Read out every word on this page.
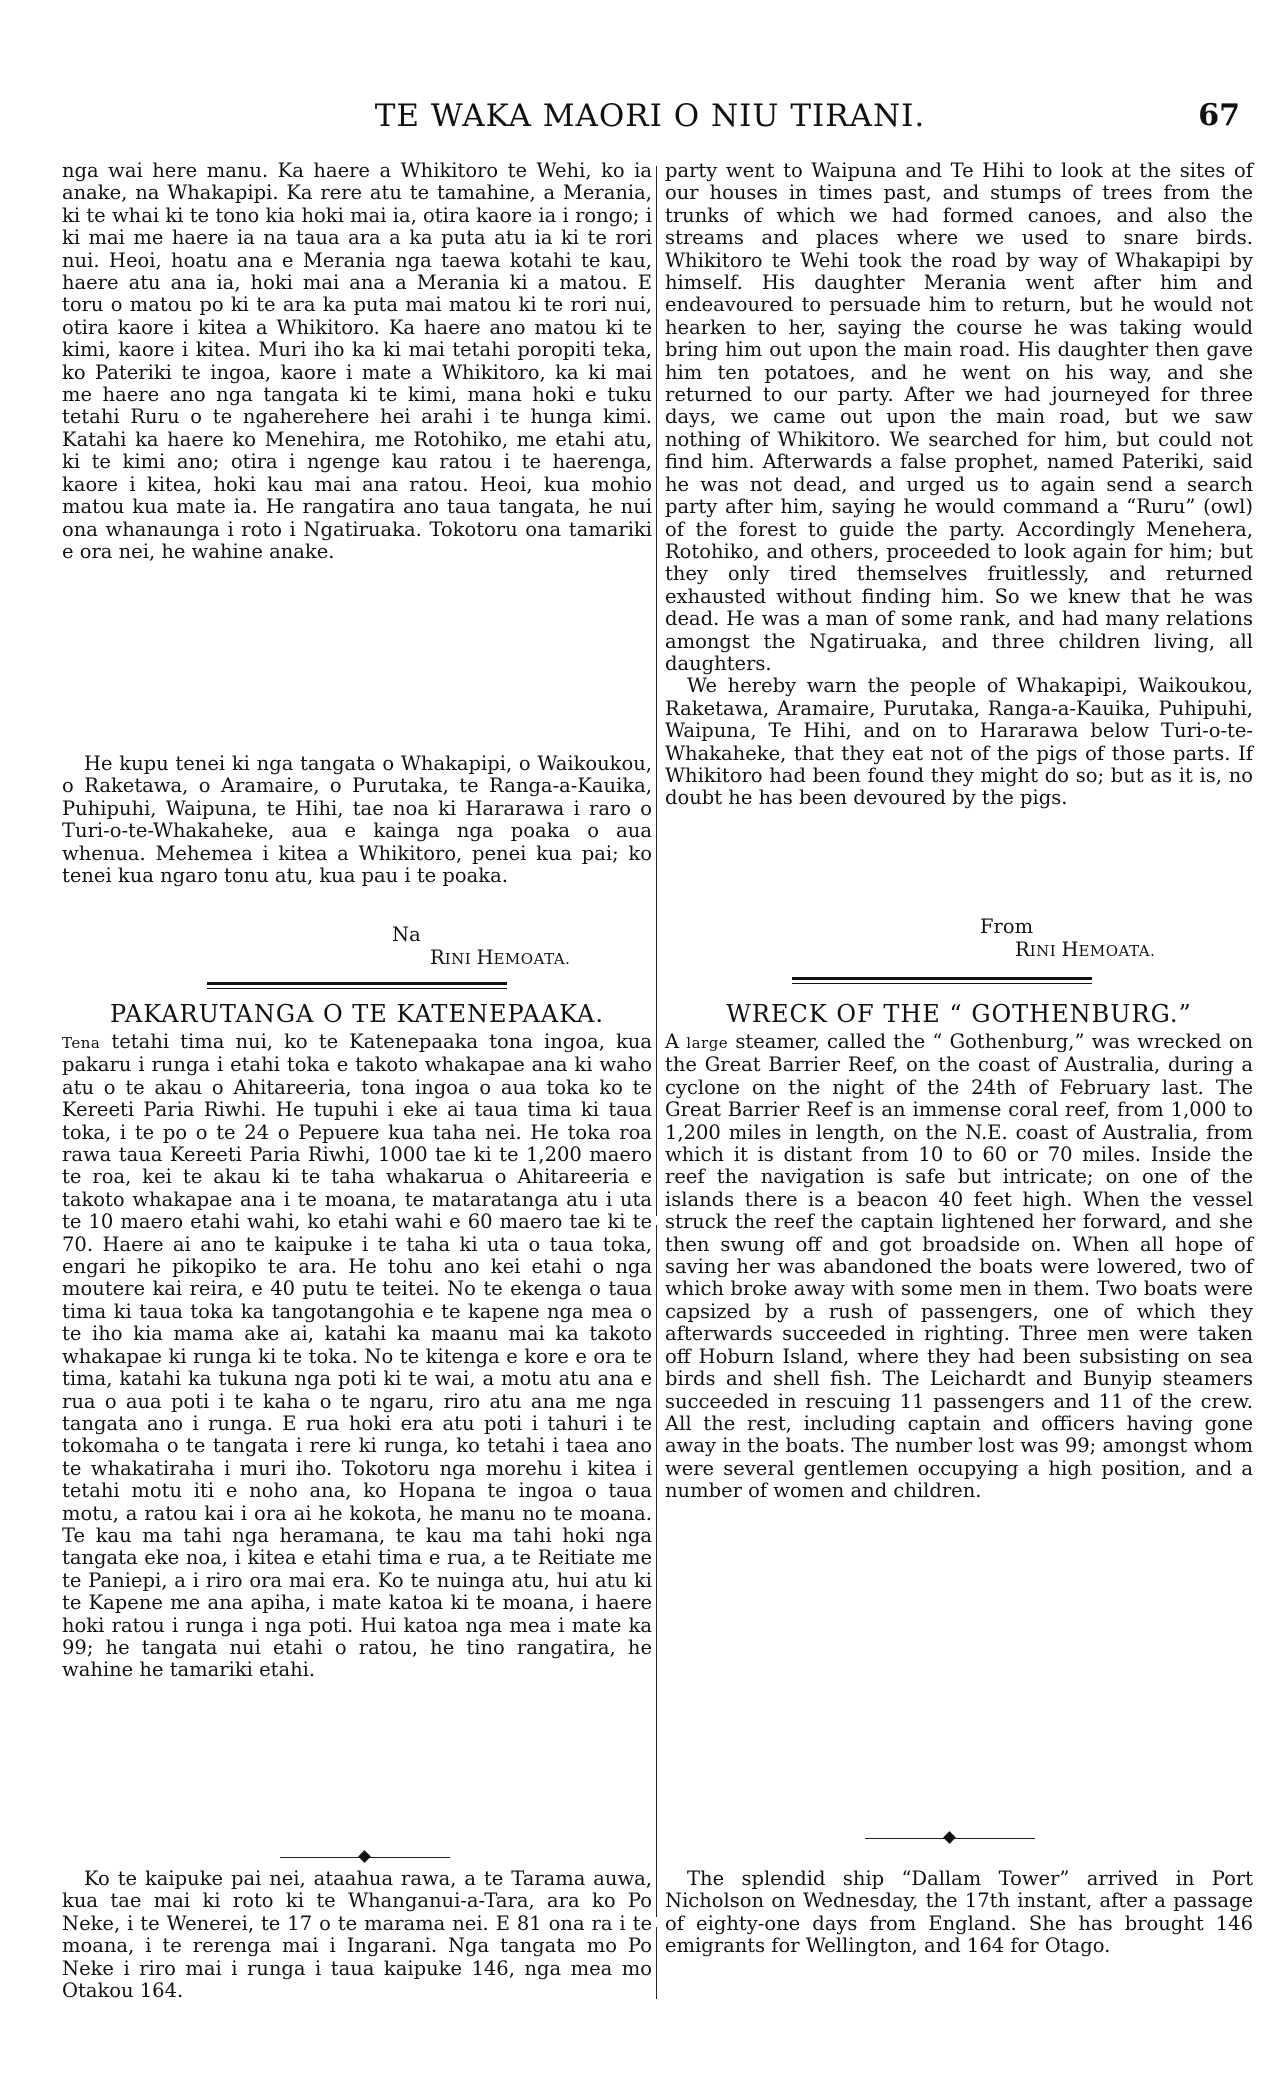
TE WAKA MAORI O NIU TIRANI.	67

nga wai here manu. Ka haere a Whikitoro te Wehi, ko ia anake, na Whakapipi. Ka rere atu te tamahine, a Merania, ki te whai ki te tono kia hoki mai ia, otira kaore ia i rongo; i ki mai me haere ia na taua ara a ka puta atu ia ki te rori nui. Heoi, hoatu ana e Merania nga taewa kotahi te kau, haere atu ana ia, hoki mai ana a Merania ki a matou. E toru o matou po ki te ara ka puta mai matou ki te rori nui, otira kaore i kitea a Whikitoro. Ka haere ano matou ki te kimi, kaore i kitea. Muri iho ka ki mai tetahi poropiti teka, ko Pateriki te ingoa, kaore i mate a Whikitoro, ka ki mai me haere ano nga tangata ki te kimi, mana hoki e tuku tetahi Ruru o te ngaherehere hei arahi i te hunga kimi. Katahi ka haere ko Menehira, me Rotohiko, me etahi atu, ki te kimi ano; otira i ngenge kau ratou i te haerenga, kaore i kitea, hoki kau mai ana ratou. Heoi, kua mohio matou kua mate ia. He rangatira ano taua tangata, he nui ona whanaunga i roto i Ngatiruaka. Tokotoru ona tamariki e ora nei, he wahine anake.

He kupu tenei ki nga tangata o Whakapipi, o Waikoukou, o Raketawa, o Aramaire, o Purutaka, te Ranga-a-Kauika, Puhipuhi, Waipuna, te Hihi, tae noa ki Hararawa i raro o Turi-o-te-Whakaheke, aua e kainga nga poaka o aua whenua. Mehemea i kitea a Whikitoro, penei kua pai; ko tenei kua ngaro tonu atu, kua pau i te poaka.

Na
RINI HEMOATA.
PAKARUTANGA O TE KATENEPAAKA.

Tena tetahi tima nui, ko te Katenepaaka tona ingoa, kua pakaru i runga i etahi toka e takoto whakapae ana ki waho atu o te akau o Ahitareeria, tona ingoa o aua toka ko te Kereeti Paria Riwhi. He tupuhi i eke ai taua tima ki taua toka, i te po o te 24 o Pepuere kua taha nei. He toka roa rawa taua Kereeti Paria Riwhi, 1000 tae ki te 1,200 maero te roa, kei te akau ki te taha whakarua o Ahitareeria e takoto whakapae ana i te moana, te mataratanga atu i uta te 10 maero etahi wahi, ko etahi wahi e 60 maero tae ki te 70. Haere ai ano te kaipuke i te taha ki uta o taua toka, engari he pikopiko te ara. He tohu ano kei etahi o nga moutere kai reira, e 40 putu te teitei. No te ekenga o taua tima ki taua toka ka tangotangohia e te kapene nga mea o te iho kia mama ake ai, katahi ka maanu mai ka takoto whakapae ki runga ki te toka. No te kitenga e kore e ora te tima, katahi ka tukuna nga poti ki te wai, a motu atu ana e rua o aua poti i te kaha o te ngaru, riro atu ana me nga tangata ano i runga. E rua hoki era atu poti i tahuri i te tokomaha o te tangata i rere ki runga, ko tetahi i taea ano te whakatiraha i muri iho. Tokotoru nga morehu i kitea i tetahi motu iti e noho ana, ko Hopana te ingoa o taua motu, a ratou kai i ora ai he kokota, he manu no te moana. Te kau ma tahi nga heramana, te kau ma tahi hoki nga tangata eke noa, i kitea e etahi tima e rua, a te Reitiate me te Paniepi, a i riro ora mai era. Ko te nuinga atu, hui atu ki te Kapene me ana apiha, i mate katoa ki te moana, i haere hoki ratou i runga i nga poti. Hui katoa nga mea i mate ka 99; he tangata nui etahi o ratou, he tino rangatira, he wahine he tamariki etahi.

Ko te kaipuke pai nei, ataahua rawa, a te Tarama auwa, kua tae mai ki roto ki te Whanganui-a-Tara, ara ko Po Neke, i te Wenerei, te 17 o te marama nei. E 81 ona ra i te moana, i te rerenga mai i Ingarani. Nga tangata mo Po Neke i riro mai i runga i taua kaipuke 146, nga mea mo Otakou 164.

party went to Waipuna and Te Hihi to look at the sites of our houses in times past, and stumps of trees from the trunks of which we had formed canoes, and also the streams and places where we used to snare birds. Whikitoro te Wehi took the road by way of Whakapipi by himself. His daughter Merania went after him and endeavoured to persuade him to return, but he would not hearken to her, saying the course he was taking would bring him out upon the main road. His daughter then gave him ten potatoes, and he went on his way, and she returned to our party. After we had journeyed for three days, we came out upon the main road, but we saw nothing of Whikitoro. We searched for him, but could not find him. Afterwards a false prophet, named Pateriki, said he was not dead, and urged us to again send a search party after him, saying he would command a “Ruru” (owl) of the forest to guide the party. Accordingly Menehera, Rotohiko, and others, proceeded to look again for him; but they only tired themselves fruitlessly, and returned exhausted without finding him. So we knew that he was dead. He was a man of some rank, and had many relations amongst the Ngatiruaka, and three children living, all daughters.

We hereby warn the people of Whakapipi, Waikoukou, Raketawa, Aramaire, Purutaka, Ranga-a-Kauika, Puhipuhi, Waipuna, Te Hihi, and on to Hararawa below Turi-o-te-Whakaheke, that they eat not of the pigs of those parts. If Whikitoro had been found they might do so; but as it is, no doubt he has been devoured by the pigs.

From
RINI HEMOATA.
WRECK OF THE “ GOTHENBURG.”

A large steamer, called the “ Gothenburg,” was wrecked on the Great Barrier Reef, on the coast of Australia, during a cyclone on the night of the 24th of February last. The Great Barrier Reef is an immense coral reef, from 1,000 to 1,200 miles in length, on the N.E. coast of Australia, from which it is distant from 10 to 60 or 70 miles. Inside the reef the navigation is safe but intricate; on one of the islands there is a beacon 40 feet high. When the vessel struck the reef the captain lightened her forward, and she then swung off and got broadside on. When all hope of saving her was abandoned the boats were lowered, two of which broke away with some men in them. Two boats were capsized by a rush of passengers, one of which they afterwards succeeded in righting. Three men were taken off Hoburn Island, where they had been subsisting on sea birds and shell fish. The Leichardt and Bunyip steamers succeeded in rescuing 11 passengers and 11 of the crew. All the rest, including captain and officers having gone away in the boats. The number lost was 99; amongst whom were several gentlemen occupying a high position, and a number of women and children.

The splendid ship “Dallam Tower” arrived in Port Nicholson on Wednesday, the 17th instant, after a passage of eighty-one days from England. She has brought 146 emigrants for Wellington, and 164 for Otago.
